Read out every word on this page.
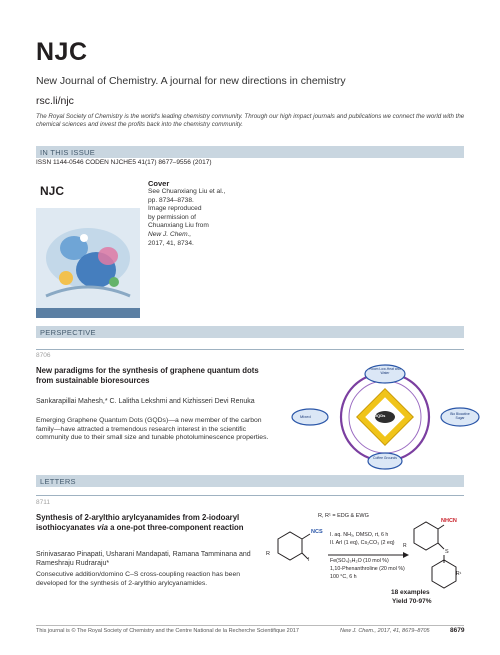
NJC
New Journal of Chemistry. A journal for new directions in chemistry
rsc.li/njc
The Royal Society of Chemistry is the world's leading chemistry community. Through our high impact journals and publications we connect the world with the chemical sciences and invest the profits back into the chemistry community.
IN THIS ISSUE
ISSN 1144-0546 CODEN NJCHE5 41(17) 8677–9556 (2017)
NJC
Cover
See Chuanxiang Liu et al.,
pp. 8734–8738.
Image reproduced
by permission of
Chuanxiang Liu from
New J. Chem.,
2017, 41, 8734.
PERSPECTIVE
8706
New paradigms for the synthesis of graphene quantum dots from sustainable bioresources
Sankarapillai Mahesh,* C. Lalitha Lekshmi and Kizhisseri Devi Renuka
Emerging Graphene Quantum Dots (GQDs)—a new member of the carbon family—have attracted a tremendous research interest in the scientific community due to their small size and tunable photoluminescence properties.
GQDs
Room Low-Heat and Water
Mixed	Bio Bioactive Sugar
Coffee Grounds
LETTERS
8711
Synthesis of 2-arylthio arylcyanamides from 2-iodoaryl isothiocyanates via a one-pot three-component reaction
Srinivasarao Pinapati, Usharani Mandapati, Ramana Tamminana and Rameshraju Rudraraju*
Consecutive addition/domino C–S cross-coupling reaction has been developed for the synthesis of 2-arylthio arylcyanamides.
R, R¹ = EDG & EWG
NCS
I
R
I. aq. NH₃, DMSO, rt, 6 h
II. ArI (1 eq), Cs₂CO₃ (2 eq)
Fe(SO₄)₃H₂O (10 mol %)
1,10-Phenanthroline (20 mol %)
100 °C, 6 h
NHCN
S
R
R¹
18 examples
Yield 70-97%
This journal is © The Royal Society of Chemistry and the Centre National de la Recherche Scientifique 2017	New J. Chem., 2017, 41, 8679–8705	8679
